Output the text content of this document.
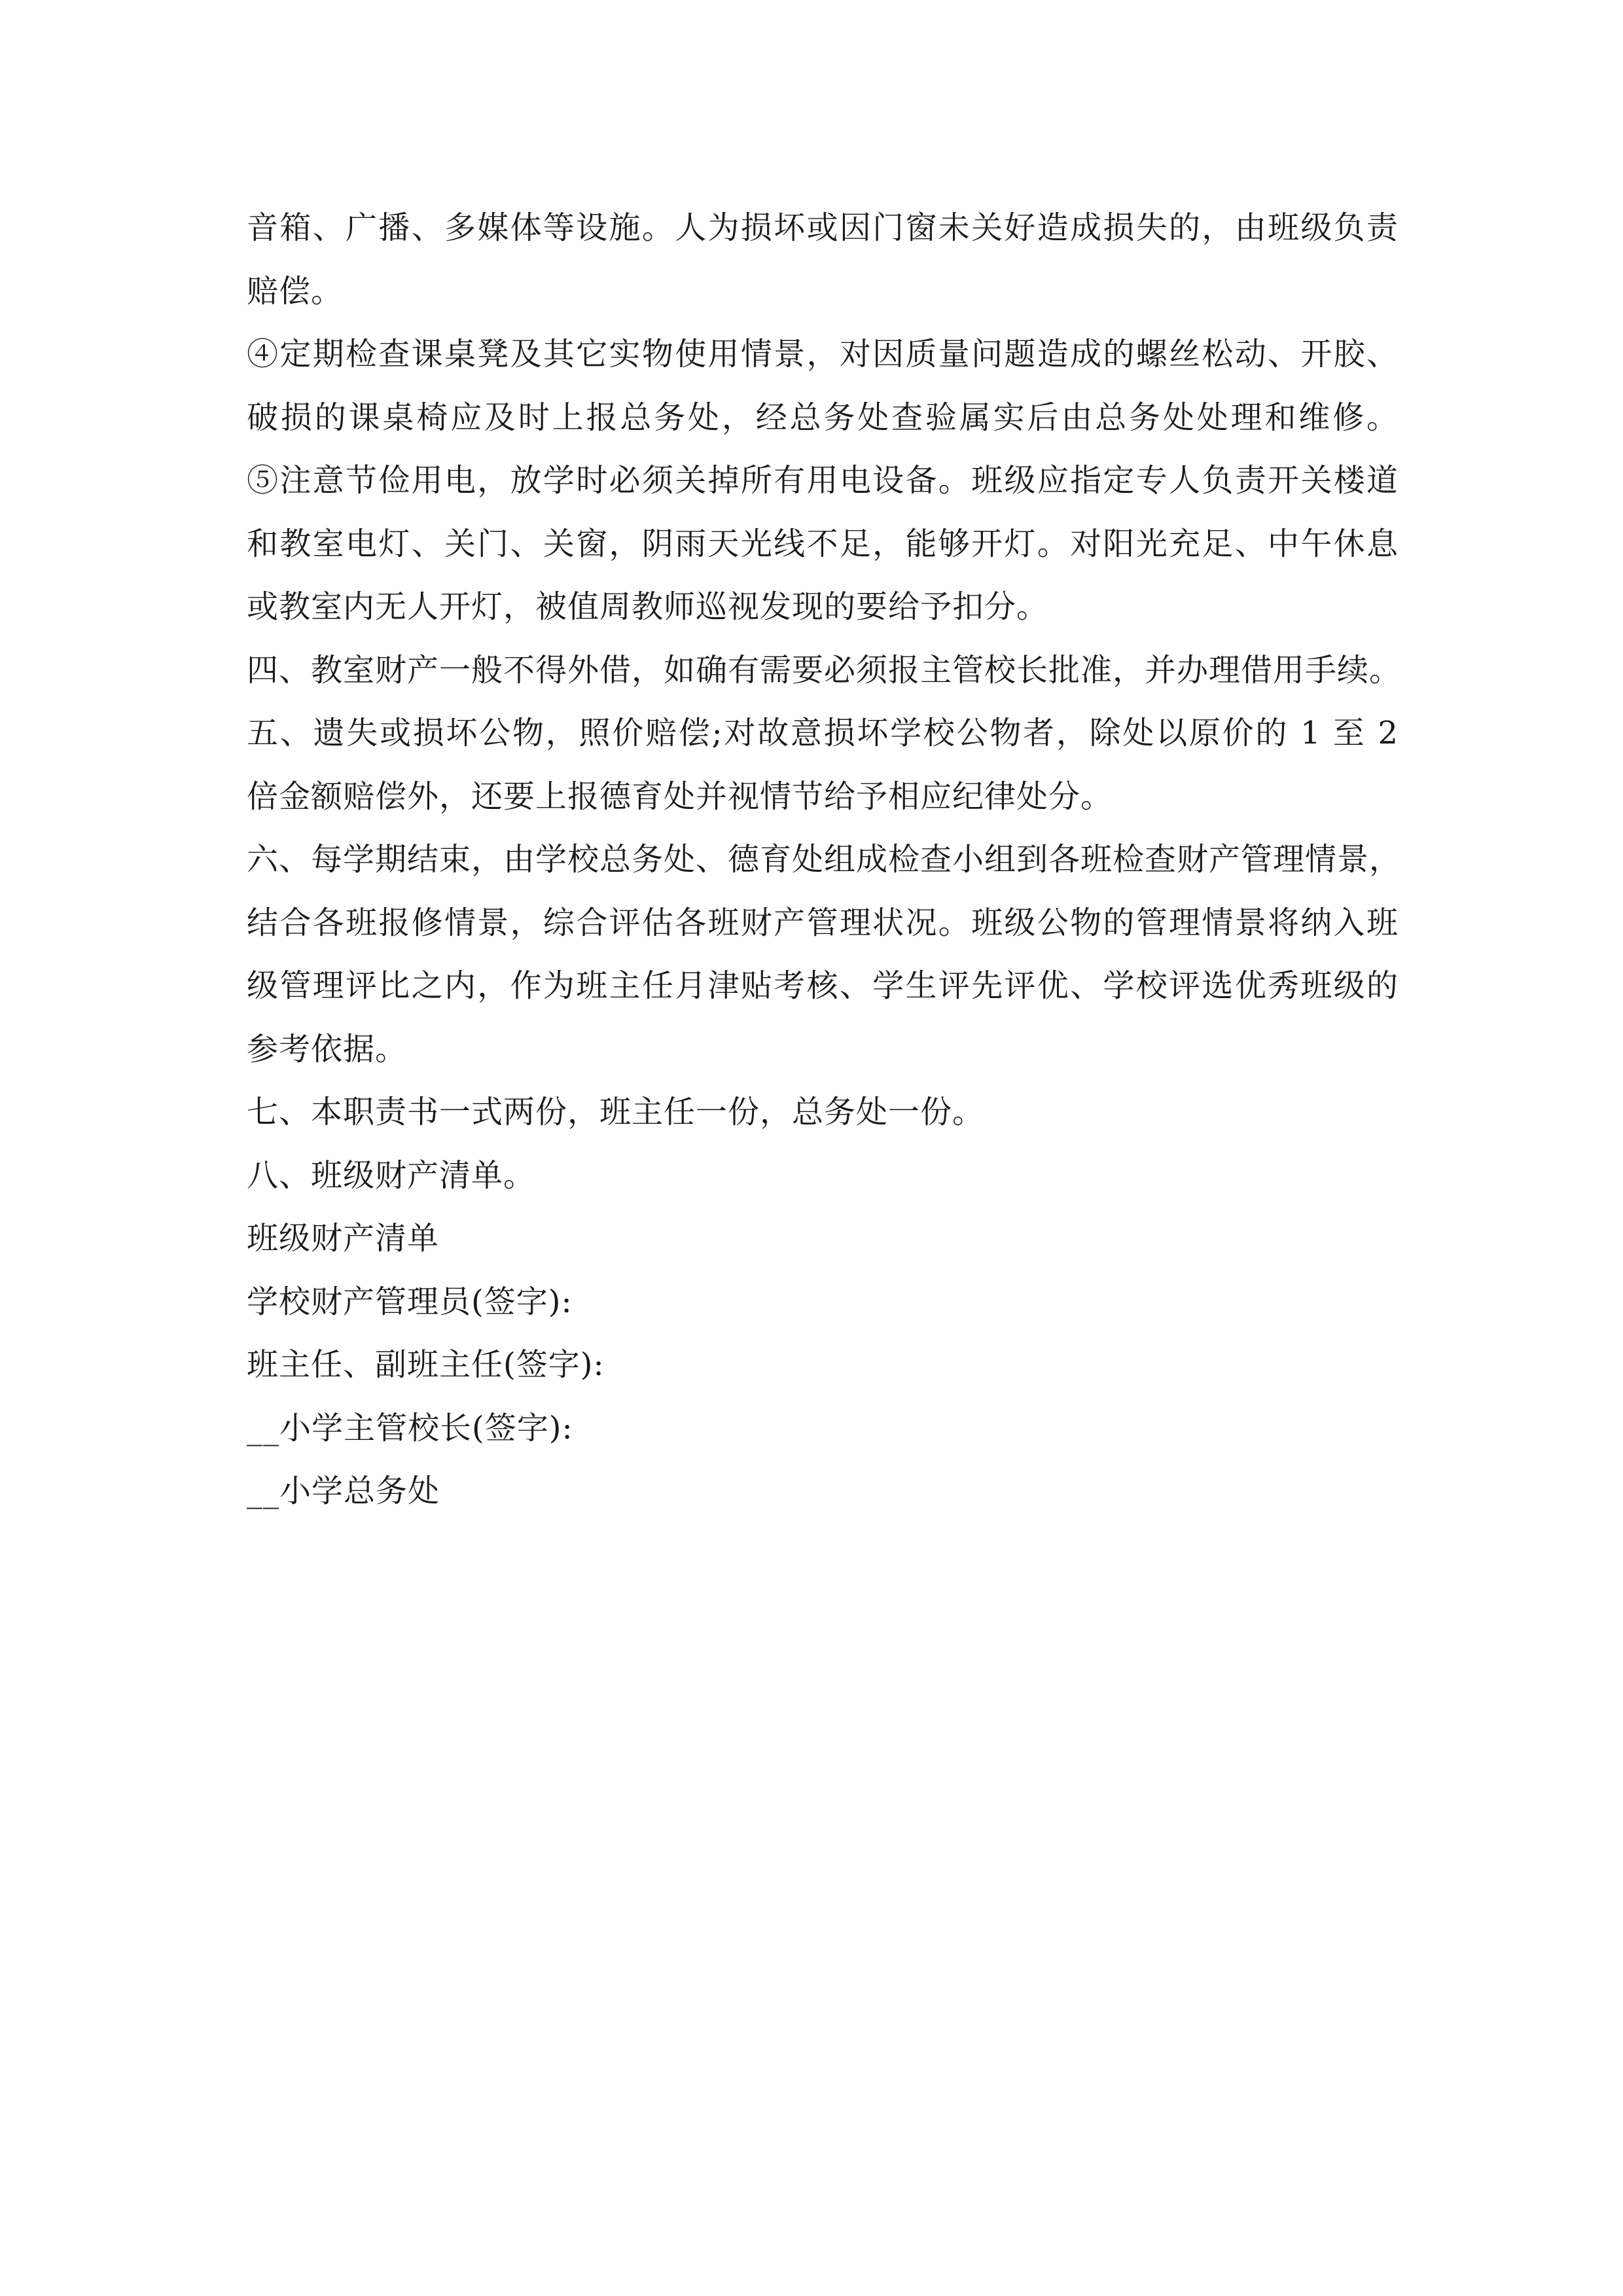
音箱、广播、多媒体等设施。人为损坏或因门窗未关好造成损失的，由班级负责
赔偿。
④定期检查课桌凳及其它实物使用情景，对因质量问题造成的螺丝松动、开胶、
破损的课桌椅应及时上报总务处，经总务处查验属实后由总务处处理和维修。
⑤注意节俭用电，放学时必须关掉所有用电设备。班级应指定专人负责开关楼道
和教室电灯、关门、关窗，阴雨天光线不足，能够开灯。对阳光充足、中午休息
或教室内无人开灯，被值周教师巡视发现的要给予扣分。
四、教室财产一般不得外借，如确有需要必须报主管校长批准，并办理借用手续。
五、遗失或损坏公物，照价赔偿;对故意损坏学校公物者，除处以原价的 1 至 2
倍金额赔偿外，还要上报德育处并视情节给予相应纪律处分。
六、每学期结束，由学校总务处、德育处组成检查小组到各班检查财产管理情景，
结合各班报修情景，综合评估各班财产管理状况。班级公物的管理情景将纳入班
级管理评比之内，作为班主任月津贴考核、学生评先评优、学校评选优秀班级的
参考依据。
七、本职责书一式两份，班主任一份，总务处一份。
八、班级财产清单。
班级财产清单
学校财产管理员(签字):
班主任、副班主任(签字):
__小学主管校长(签字):
__小学总务处
